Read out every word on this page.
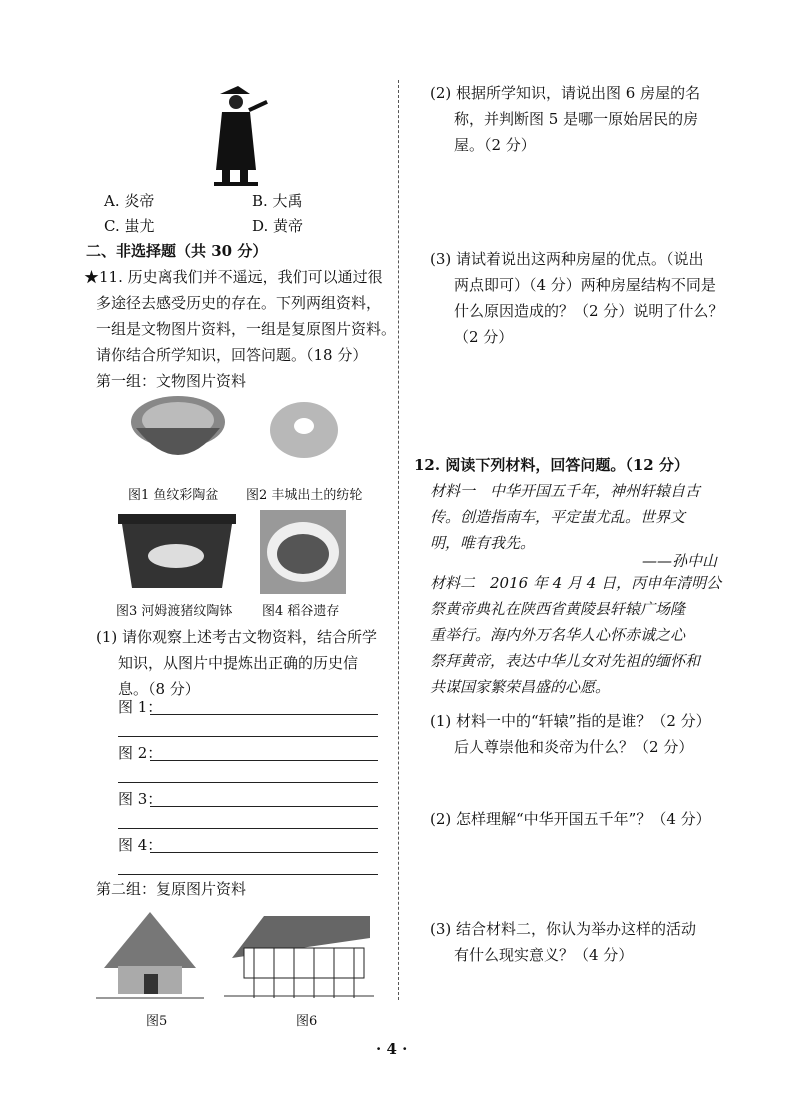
A. 炎帝	B. 大禹
C. 蚩尤	D. 黄帝
二、非选择题（共 30 分）
★11. 历史离我们并不遥远，我们可以通过很
多途径去感受历史的存在。下列两组资料，
一组是文物图片资料，一组是复原图片资料。
请你结合所学知识，回答问题。（18 分）
第一组：文物图片资料
图1 鱼纹彩陶盆 图2 丰城出土的纺轮
图3 河姆渡猪纹陶钵 图4 稻谷遗存
(1) 请你观察上述考古文物资料，结合所学
知识，从图片中提炼出正确的历史信
息。（8 分）
图 1：
图 2：
图 3：
图 4：
第二组：复原图片资料
图5	图6
(2) 根据所学知识，请说出图 6 房屋的名
称，并判断图 5 是哪一原始居民的房
屋。（2 分）
(3) 请试着说出这两种房屋的优点。（说出
两点即可）（4 分）两种房屋结构不同是
什么原因造成的？（2 分）说明了什么？
（2 分）
12. 阅读下列材料，回答问题。（12 分）
材料一　中华开国五千年，神州轩辕自古
传。创造指南车，平定蚩尤乱。世界文
明，唯有我先。
——孙中山
材料二　2016 年 4 月 4 日，丙申年清明公
祭黄帝典礼在陕西省黄陵县轩辕广场隆
重举行。海内外万名华人心怀赤诚之心
祭拜黄帝，表达中华儿女对先祖的缅怀和
共谋国家繁荣昌盛的心愿。
(1) 材料一中的“轩辕”指的是谁？（2 分）
后人尊崇他和炎帝为什么？（2 分）
(2) 怎样理解“中华开国五千年”？（4 分）
(3) 结合材料二，你认为举办这样的活动
有什么现实意义？（4 分）
· 4 ·
